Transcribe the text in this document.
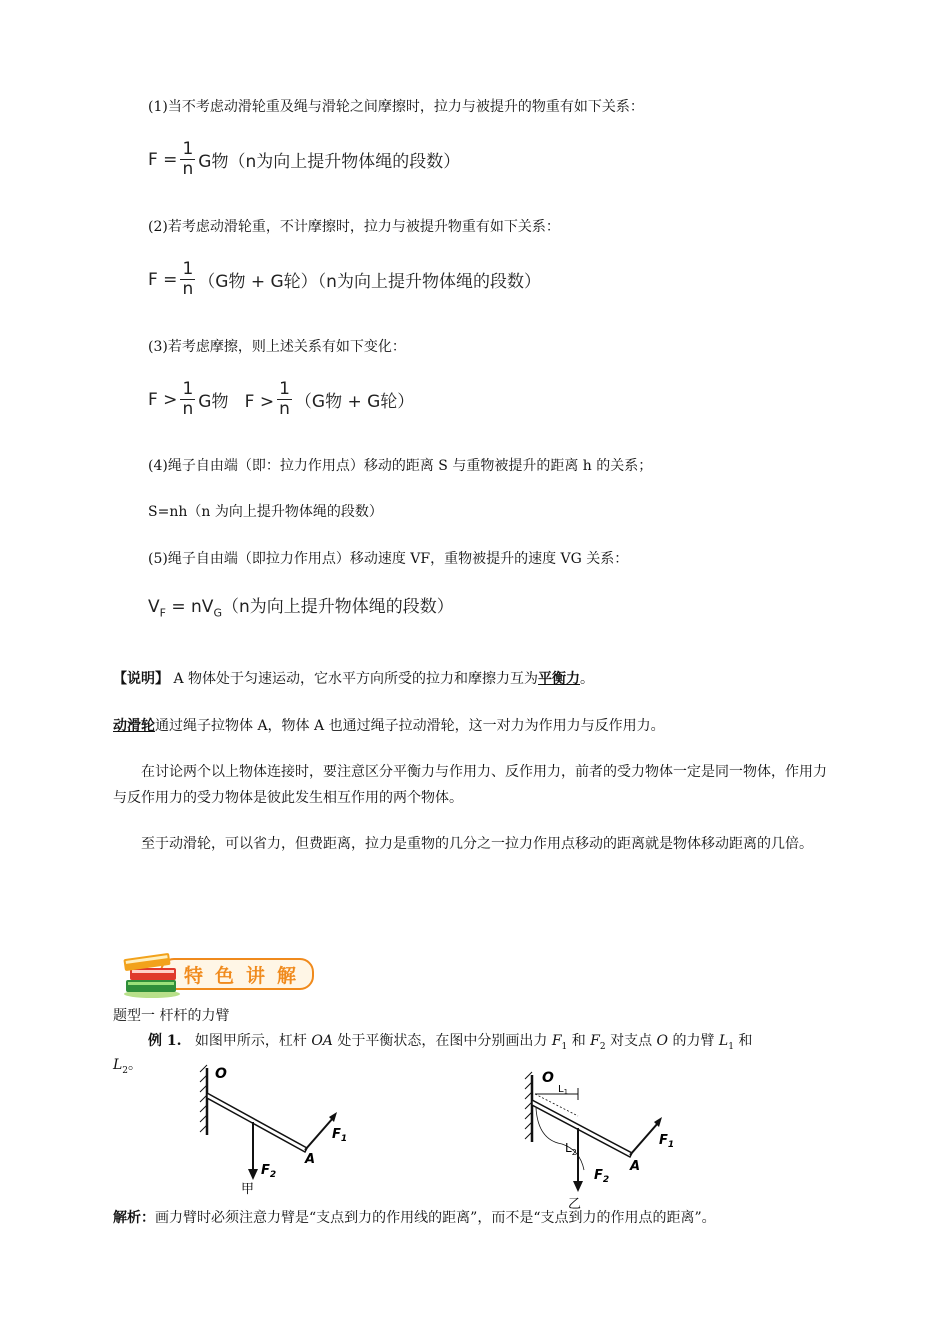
(1)当不考虑动滑轮重及绳与滑轮之间摩擦时，拉力与被提升的物重有如下关系：
$F = \frac{1}{n}$ G物（n为向上提升物体绳的段数）
(2)若考虑动滑轮重，不计摩擦时，拉力与被提升物重有如下关系：
$F = \frac{1}{n} (G$物 + G轮）（n为向上提升物体绳的段数）
(3)若考虑摩擦，则上述关系有如下变化：
$F > \frac{1}{n}$ G物   $F > \frac{1}{n} (G$物 + G轮）
(4)绳子自由端（即：拉力作用点）移动的距离 S 与重物被提升的距离 h 的关系；
S=nh（n 为向上提升物体绳的段数）
(5)绳子自由端（即拉力作用点）移动速度 VF，重物被提升的速度 VG 关系：
$V_F = nV_G(n$为向上提升物体绳的段数）
【说明】 A 物体处于匀速运动，它水平方向所受的拉力和摩擦力互为平衡力。
动滑轮通过绳子拉物体 A，物体 A 也通过绳子拉动滑轮，这一对力为作用力与反作用力。
在讨论两个以上物体连接时，要注意区分平衡力与作用力、反作用力，前者的受力物体一定是同一物体，作用力与反作用力的受力物体是彼此发生相互作用的两个物体。
至于动滑轮，可以省力，但费距离，拉力是重物的几分之一拉力作用点移动的距离就是物体移动距离的几倍。
特色讲解
题型一 杆杆的力臂
例 1. 如图甲所示，杠杆 OA 处于平衡状态，在图中分别画出力 $F_1$ 和 $F_2$ 对支点 O 的力臂 $L_1$ 和
$L_2$。
O
A
$F_1$
$F_2$
甲
O
$L_1$
$L_2$
A
$F_1$
$F_2$
乙
解析：画力臂时必须注意力臂是“支点到力的作用线的距离”，而不是“支点到力的作用点的距离”。
